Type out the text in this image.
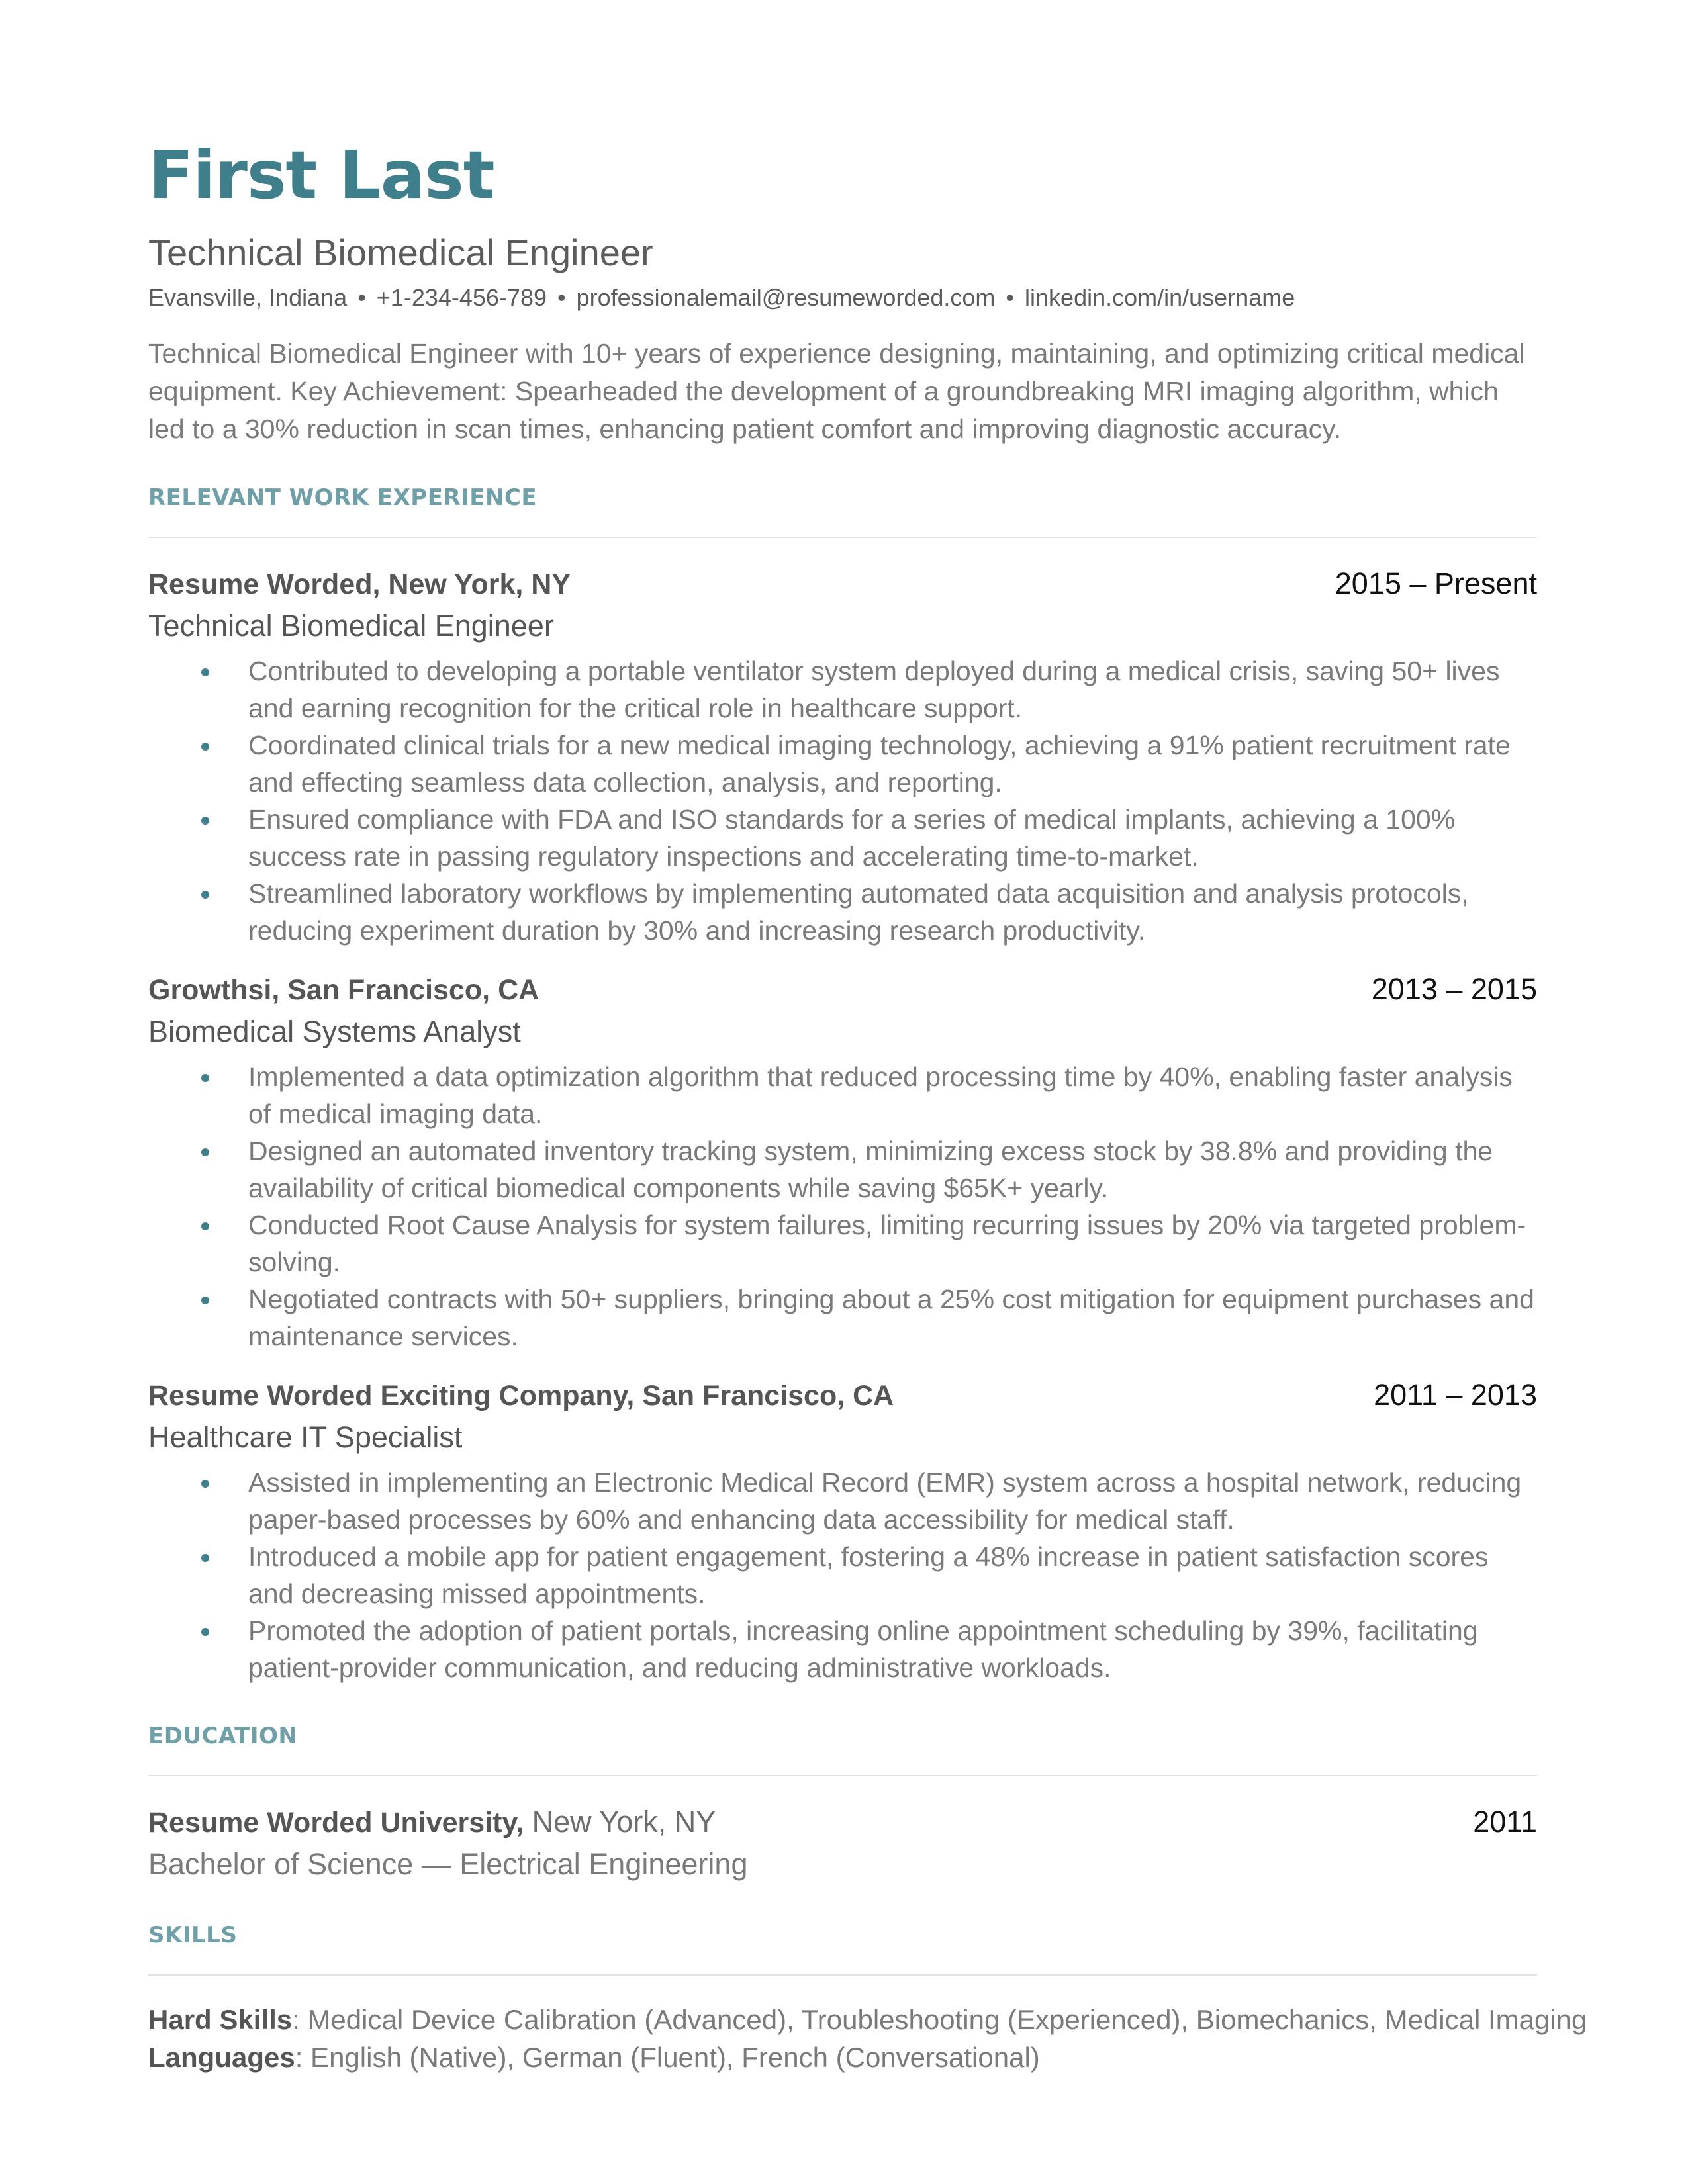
First Last
Technical Biomedical Engineer
Evansville, Indiana • +1-234-456-789 • professionalemail@resumeworded.com • linkedin.com/in/username
Technical Biomedical Engineer with 10+ years of experience designing, maintaining, and optimizing critical medical equipment. Key Achievement: Spearheaded the development of a groundbreaking MRI imaging algorithm, which led to a 30% reduction in scan times, enhancing patient comfort and improving diagnostic accuracy.
RELEVANT WORK EXPERIENCE
Resume Worded, New York, NY	2015 – Present
Technical Biomedical Engineer
Contributed to developing a portable ventilator system deployed during a medical crisis, saving 50+ lives and earning recognition for the critical role in healthcare support.
Coordinated clinical trials for a new medical imaging technology, achieving a 91% patient recruitment rate and effecting seamless data collection, analysis, and reporting.
Ensured compliance with FDA and ISO standards for a series of medical implants, achieving a 100% success rate in passing regulatory inspections and accelerating time-to-market.
Streamlined laboratory workflows by implementing automated data acquisition and analysis protocols, reducing experiment duration by 30% and increasing research productivity.
Growthsi, San Francisco, CA	2013 – 2015
Biomedical Systems Analyst
Implemented a data optimization algorithm that reduced processing time by 40%, enabling faster analysis of medical imaging data.
Designed an automated inventory tracking system, minimizing excess stock by 38.8% and providing the availability of critical biomedical components while saving $65K+ yearly.
Conducted Root Cause Analysis for system failures, limiting recurring issues by 20% via targeted problem-solving.
Negotiated contracts with 50+ suppliers, bringing about a 25% cost mitigation for equipment purchases and maintenance services.
Resume Worded Exciting Company, San Francisco, CA	2011 – 2013
Healthcare IT Specialist
Assisted in implementing an Electronic Medical Record (EMR) system across a hospital network, reducing paper-based processes by 60% and enhancing data accessibility for medical staff.
Introduced a mobile app for patient engagement, fostering a 48% increase in patient satisfaction scores and decreasing missed appointments.
Promoted the adoption of patient portals, increasing online appointment scheduling by 39%, facilitating patient-provider communication, and reducing administrative workloads.
EDUCATION
Resume Worded University, New York, NY	2011
Bachelor of Science — Electrical Engineering
SKILLS
Hard Skills: Medical Device Calibration (Advanced), Troubleshooting (Experienced), Biomechanics, Medical Imaging
Languages: English (Native), German (Fluent), French (Conversational)
